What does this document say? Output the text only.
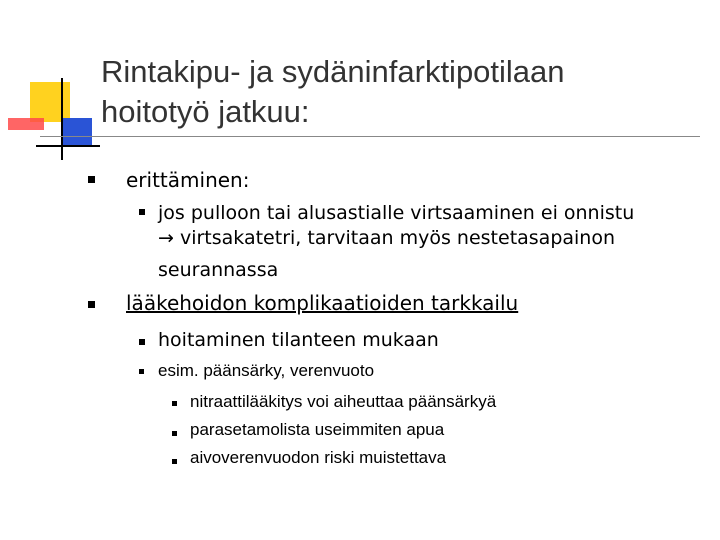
Rintakipu- ja sydäninfarktipotilaan
hoitotyö jatkuu:
erittäminen:
jos pulloon tai alusastialle virtsaaminen ei onnistu
→ virtsakatetri, tarvitaan myös nestetasapainon
seurannassa
lääkehoidon komplikaatioiden tarkkailu
hoitaminen tilanteen mukaan
esim. päänsärky, verenvuoto
nitraattilääkitys voi aiheuttaa päänsärkyä
parasetamolista useimmiten apua
aivoverenvuodon riski muistettava
